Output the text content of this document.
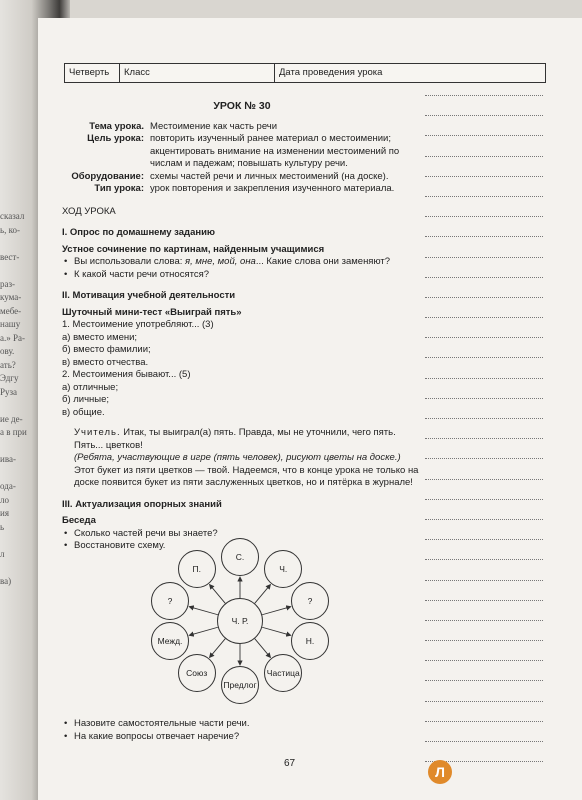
сказал
ь, ко-
вест-
раз-
кума-
мебе-
нашу
а.» Ра-
ову.
ать?
Эдгу
Руза
ие де-
а в при
ива-
ода-
ло
ия
ь
л
ва)
Четверть	Класс	Дата проведения урока
УРОК № 30
Тема урока. Местоимение как часть речи
Цель урока: повторить изученный ранее материал о местоимении; акцентировать внимание на изменении местоимений по числам и падежам; повышать культуру речи.
Оборудование: схемы частей речи и личных местоимений (на доске).
Тип урока: урок повторения и закрепления изученного материала.
ХОД УРОКА
I. Опрос по домашнему заданию
Устное сочинение по картинам, найденным учащимися
• Вы использовали слова: я, мне, мой, она... Какие слова они заменяют?
• К какой части речи относятся?
II. Мотивация учебной деятельности
Шуточный мини-тест «Выиграй пять»
1. Местоимение употребляют... (3)
а) вместо имени;
б) вместо фамилии;
в) вместо отчества.
2. Местоимения бывают... (5)
а) отличные;
б) личные;
в) общие.
Учитель. Итак, ты выиграл(а) пять. Правда, мы не уточнили, чего пять. Пять... цветков!
(Ребята, участвующие в игре (пять человек), рисуют цветы на доске.)
Этот букет из пяти цветков — твой. Надеемся, что в конце урока не только на доске появится букет из пяти заслуженных цветков, но и пятёрка в журнале!
III. Актуализация опорных знаний
Беседа
• Сколько частей речи вы знаете?
• Восстановите схему.
Ч. Р.
С.
Ч.
?
Н.
Частица
Предлог
Союз
Межд.
?
П.
• Назовите самостоятельные части речи.
• На какие вопросы отвечает наречие?
67
Л
